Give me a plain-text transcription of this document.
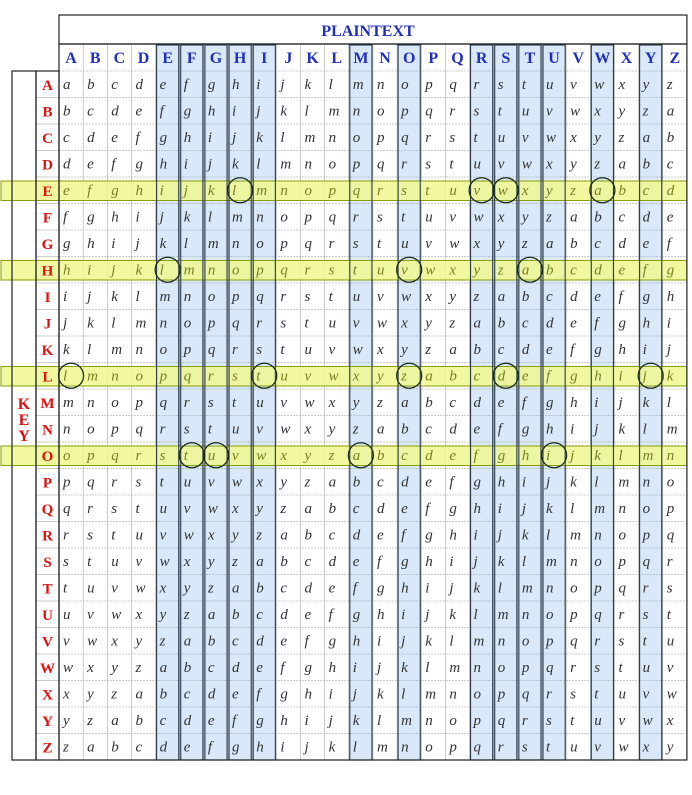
A B C D E F G H I J K L M N O P Q R S T U V W X Y Z
A
B
C
D
E
F
G
H
I
J
K
L
M
N
O
P
Q
R
S
T
U
V
W
X
Y
Z
a b c d e f g h i j k l m n o p q r s t u v w x y z
b c d e f g h i j k l m n o p q r s t u v w x y z a
c d e f g h i j k l m n o p q r s t u v w x y z a b
d e f g h i j k l m n o p q r s t u v w x y z a b c
e f g h i j k l m n o p q r s t u v w x y z a b c d
f g h i j k l m n o p q r s t u v w x y z a b c d e
g h i j k l m n o p q r s t u v w x y z a b c d e f
h i j k l m n o p q r s t u v w x y z a b c d e f g
i j k l m n o p q r s t u v w x y z a b c d e f g h
j k l m n o p q r s t u v w x y z a b c d e f g h i
k l m n o p q r s t u v w x y z a b c d e f g h i j
l m n o p q r s t u v w x y z a b c d e f g h i j k
m n o p q r s t u v w x y z a b c d e f g h i j k l
n o p q r s t u v w x y z a b c d e f g h i j k l m
o p q r s t u v w x y z a b c d e f g h i j k l m n
p q r s t u v w x y z a b c d e f g h i j k l m n o
q r s t u v w x y z a b c d e f g h i j k l m n o p
r s t u v w x y z a b c d e f g h i j k l m n o p q
s t u v w x y z a b c d e f g h i j k l m n o p q r
t u v w x y z a b c d e f g h i j k l m n o p q r s
u v w x y z a b c d e f g h i j k l m n o p q r s t
v w x y z a b c d e f g h i j k l m n o p q r s t u
w x y z a b c d e f g h i j k l m n o p q r s t u v
x y z a b c d e f g h i j k l m n o p q r s t u v w
y z a b c d e f g h i j k l m n o p q r s t u v w x
z a b c d e f g h i j k l m n o p q r s t u v w x y
PLAINTEXT
K
E
Y
